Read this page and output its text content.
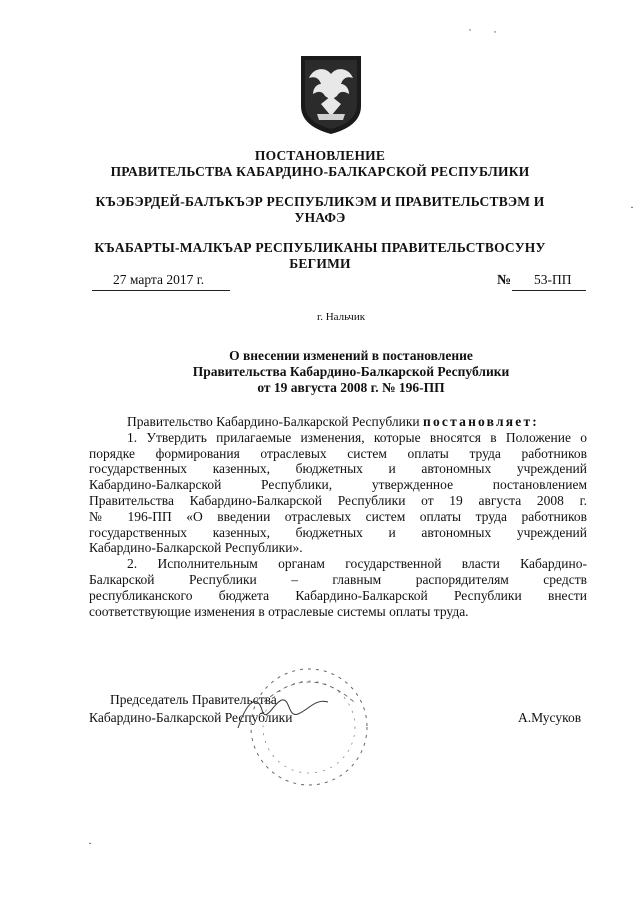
ПОСТАНОВЛЕНИЕ
ПРАВИТЕЛЬСТВА КАБАРДИНО-БАЛКАРСКОЙ РЕСПУБЛИКИ
КЪЭБЭРДЕЙ-БАЛЪКЪЭР РЕСПУБЛИКЭМ И ПРАВИТЕЛЬСТВЭМ И
УНАФЭ
КЪАБАРТЫ-МАЛКЪАР РЕСПУБЛИКАНЫ ПРАВИТЕЛЬСТВОСУНУ
БЕГИМИ
27 марта 2017 г.	№ 53-ПП
г. Нальчик
О внесении изменений в постановление
Правительства Кабардино-Балкарской Республики
от 19 августа 2008 г. № 196-ПП
Правительство Кабардино-Балкарской Республики постановляет:
1. Утвердить прилагаемые изменения, которые вносятся в Положение о
порядке формирования отраслевых систем оплаты труда работников
государственных казенных, бюджетных и автономных учреждений
Кабардино-Балкарской Республики, утвержденное постановлением
Правительства Кабардино-Балкарской Республики от 19 августа 2008 г.
№ 196-ПП «О введении отраслевых систем оплаты труда работников
государственных казенных, бюджетных и автономных учреждений
Кабардино-Балкарской Республики».
2. Исполнительным органам государственной власти Кабардино-
Балкарской Республики – главным распорядителям средств
республиканского бюджета Кабардино-Балкарской Республики внести
соответствующие изменения в отраслевые системы оплаты труда.
Председатель Правительства
Кабардино-Балкарской Республики	А.Мусуков
˙ ˙
·
·
